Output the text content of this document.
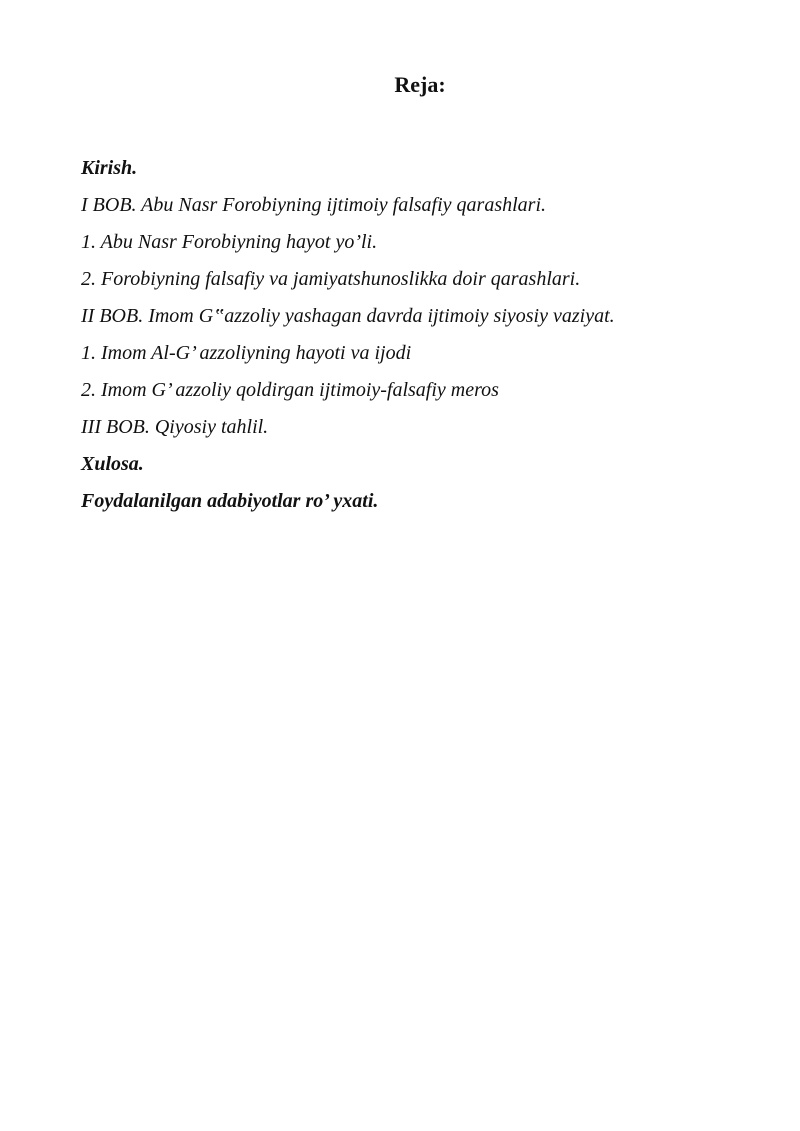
Reja:
Kirish.
I BOB. Abu Nasr Forobiyning ijtimoiy falsafiy qarashlari.
1. Abu Nasr Forobiyning hayot yo’li.
2. Forobiyning falsafiy va jamiyatshunoslikka doir qarashlari.
II BOB. Imom G‟azzoliy yashagan davrda ijtimoiy siyosiy vaziyat.
1. Imom Al-G’ azzoliyning hayoti va ijodi
2. Imom G’ azzoliy qoldirgan ijtimoiy-falsafiy meros
III BOB. Qiyosiy tahlil.
Xulosa.
Foydalanilgan adabiyotlar ro’ yxati.
